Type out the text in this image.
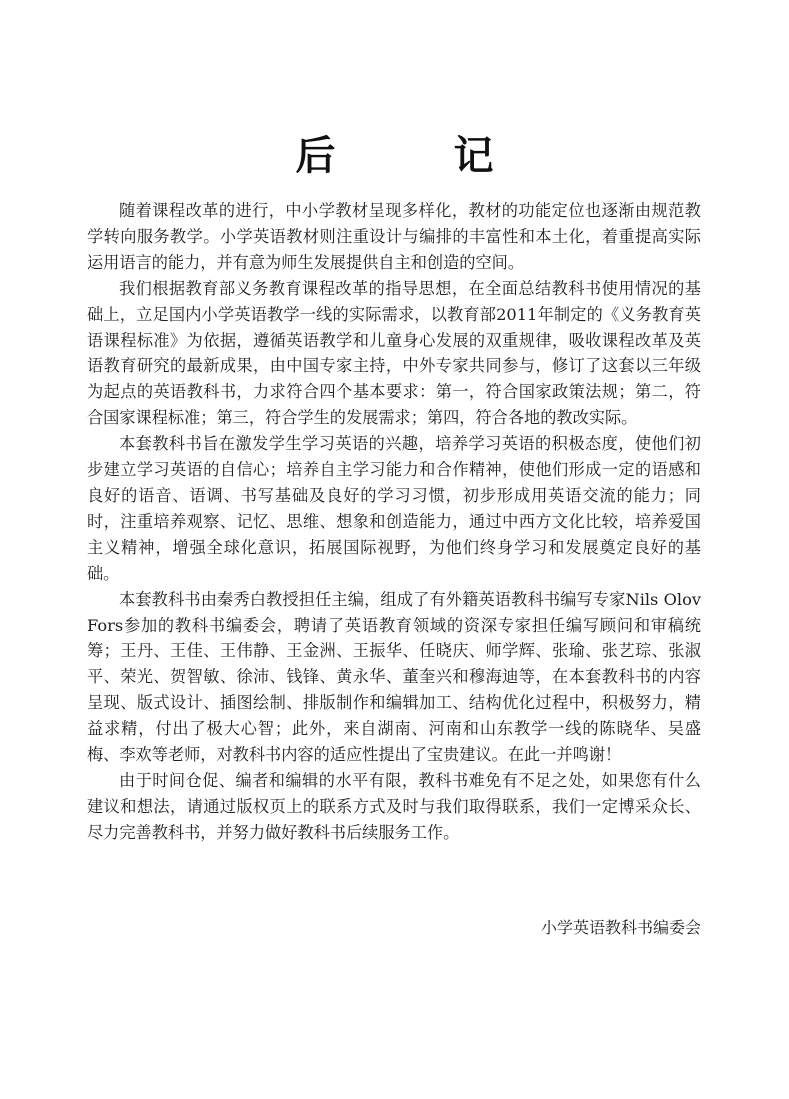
后 记

随着课程改革的进行，中小学教材呈现多样化，教材的功能定位也逐渐由规范教学转向服务教学。小学英语教材则注重设计与编排的丰富性和本土化，着重提高实际运用语言的能力，并有意为师生发展提供自主和创造的空间。

我们根据教育部义务教育课程改革的指导思想，在全面总结教科书使用情况的基础上，立足国内小学英语教学一线的实际需求，以教育部2011年制定的《义务教育英语课程标准》为依据，遵循英语教学和儿童身心发展的双重规律，吸收课程改革及英语教育研究的最新成果，由中国专家主持，中外专家共同参与，修订了这套以三年级为起点的英语教科书，力求符合四个基本要求：第一，符合国家政策法规；第二，符合国家课程标准；第三，符合学生的发展需求；第四，符合各地的教改实际。

本套教科书旨在激发学生学习英语的兴趣，培养学习英语的积极态度，使他们初步建立学习英语的自信心；培养自主学习能力和合作精神，使他们形成一定的语感和良好的语音、语调、书写基础及良好的学习习惯，初步形成用英语交流的能力；同时，注重培养观察、记忆、思维、想象和创造能力，通过中西方文化比较，培养爱国主义精神，增强全球化意识，拓展国际视野，为他们终身学习和发展奠定良好的基础。

本套教科书由秦秀白教授担任主编，组成了有外籍英语教科书编写专家Nils Olov Fors参加的教科书编委会，聘请了英语教育领域的资深专家担任编写顾问和审稿统筹；王丹、王佳、王伟静、王金洲、王振华、任晓庆、师学辉、张瑜、张艺琮、张淑平、荣光、贺智敏、徐沛、钱锋、黄永华、董奎兴和穆海迪等，在本套教科书的内容呈现、版式设计、插图绘制、排版制作和编辑加工、结构优化过程中，积极努力，精益求精，付出了极大心智；此外，来自湖南、河南和山东教学一线的陈晓华、吴盛梅、李欢等老师，对教科书内容的适应性提出了宝贵建议。在此一并鸣谢！

由于时间仓促、编者和编辑的水平有限，教科书难免有不足之处，如果您有什么建议和想法，请通过版权页上的联系方式及时与我们取得联系，我们一定博采众长、尽力完善教科书，并努力做好教科书后续服务工作。

小学英语教科书编委会
